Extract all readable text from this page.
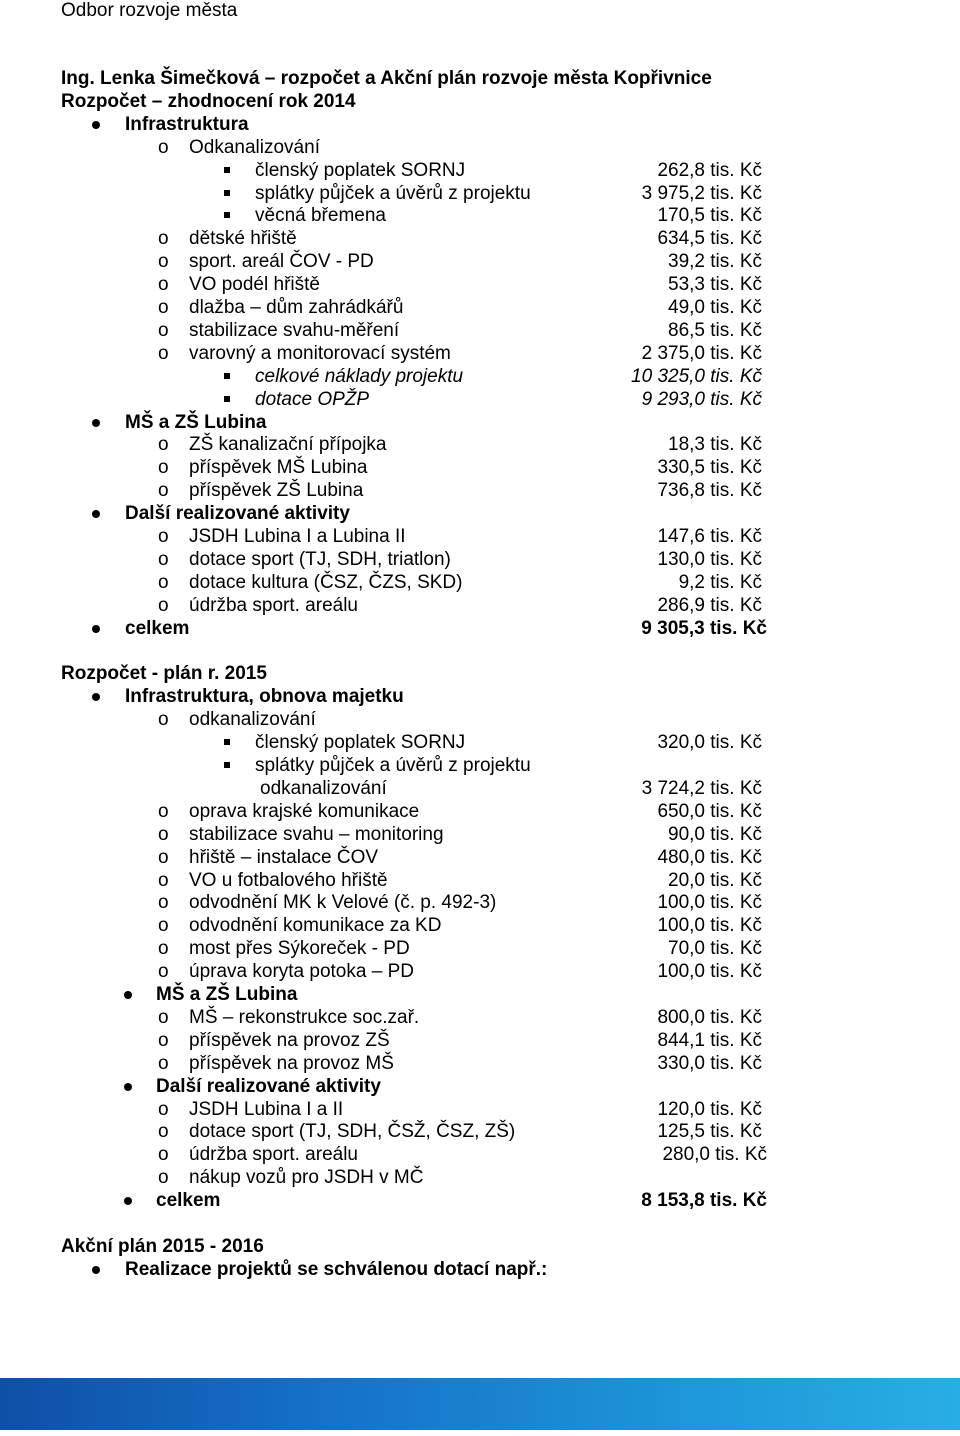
Odbor rozvoje města
Ing. Lenka Šimečková – rozpočet a Akční plán rozvoje města Kopřivnice
Rozpočet – zhodnocení rok 2014
Infrastruktura
o Odkanalizování
členský poplatek SORNJ	262,8 tis. Kč
splátky půjček a úvěrů z projektu	3 975,2 tis. Kč
věcná břemena	170,5 tis. Kč
o dětské hřiště	634,5 tis. Kč
o sport. areál ČOV - PD	39,2 tis. Kč
o VO podél hřiště	53,3 tis. Kč
o dlažba – dům zahrádkářů	49,0 tis. Kč
o stabilizace svahu-měření	86,5 tis. Kč
o varovný a monitorovací systém	2 375,0 tis. Kč
celkové náklady projektu	10 325,0 tis. Kč
dotace OPŽP	9 293,0 tis. Kč
MŠ a ZŠ Lubina
o ZŠ kanalizační přípojka	18,3 tis. Kč
o příspěvek MŠ Lubina	330,5 tis. Kč
o příspěvek ZŠ Lubina	736,8 tis. Kč
Další realizované aktivity
o JSDH Lubina I a Lubina II	147,6 tis. Kč
o dotace sport (TJ, SDH, triatlon)	130,0 tis. Kč
o dotace kultura (ČSZ, ČZS, SKD)	9,2 tis. Kč
o údržba sport. areálu	286,9 tis. Kč
celkem	9 305,3 tis. Kč
Rozpočet - plán r. 2015
Infrastruktura, obnova majetku
o odkanalizování
členský poplatek SORNJ	320,0 tis. Kč
splátky půjček a úvěrů z projektu
odkanalizování	3 724,2 tis. Kč
o oprava krajské komunikace	650,0 tis. Kč
o stabilizace svahu – monitoring	90,0 tis. Kč
o hřiště – instalace ČOV	480,0 tis. Kč
o VO u fotbalového hřiště	20,0 tis. Kč
o odvodnění MK k Velové (č. p. 492-3)	100,0 tis. Kč
o odvodnění komunikace za KD	100,0 tis. Kč
o most přes Sýkoreček - PD	70,0 tis. Kč
o úprava koryta potoka – PD	100,0 tis. Kč
MŠ a ZŠ Lubina
o MŠ – rekonstrukce soc.zař.	800,0 tis. Kč
o příspěvek na provoz ZŠ	844,1 tis. Kč
o příspěvek na provoz MŠ	330,0 tis. Kč
Další realizované aktivity
o JSDH Lubina I a II	120,0 tis. Kč
o dotace sport (TJ, SDH, ČSŽ, ČSZ, ZŠ)	125,5 tis. Kč
o údržba sport. areálu	280,0 tis. Kč
o nákup vozů pro JSDH v MČ
celkem	8 153,8 tis. Kč
Akční plán 2015 - 2016
Realizace projektů se schválenou dotací např.:
